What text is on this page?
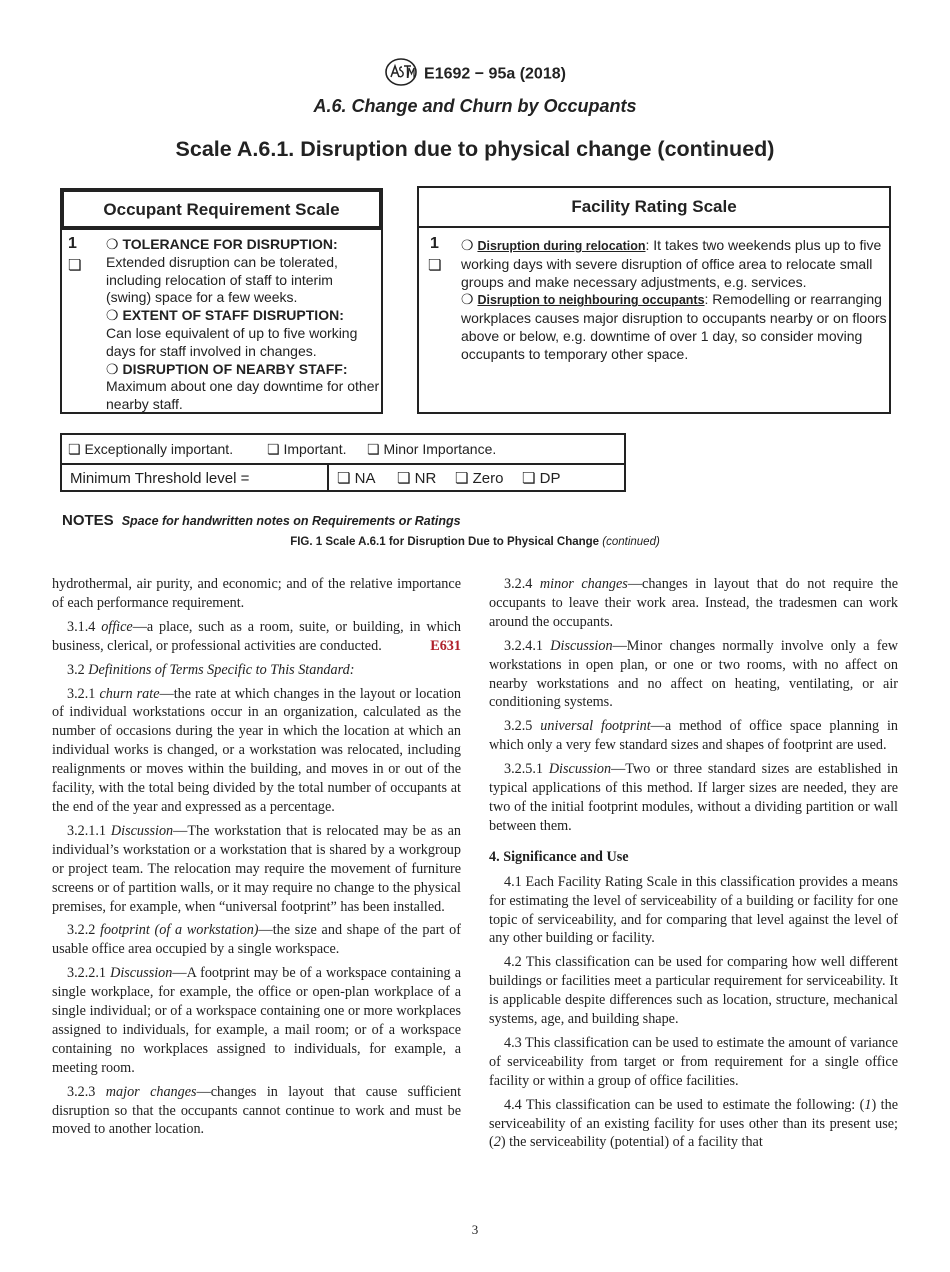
E1692 − 95a (2018)
A.6. Change and Churn by Occupants
Scale A.6.1. Disruption due to physical change (continued)
Occupant Requirement Scale
1
❏
❍ TOLERANCE FOR DISRUPTION:
Extended disruption can be tolerated, including relocation of staff to interim (swing) space for a few weeks.
❍ EXTENT OF STAFF DISRUPTION:
Can lose equivalent of up to five working days for staff involved in changes.
❍ DISRUPTION OF NEARBY STAFF:
Maximum about one day downtime for other nearby staff.
Facility Rating Scale
1
❏
❍ Disruption during relocation: It takes two weekends plus up to five working days with severe disruption of office area to relocate small groups and make necessary adjustments, e.g. services.
❍ Disruption to neighbouring occupants: Remodelling or rearranging workplaces causes major disruption to occupants nearby or on floors above or below, e.g. downtime of over 1 day, so consider moving occupants to temporary other space.
❏ Exceptionally important. ❏ Important. ❏ Minor Importance.
Minimum Threshold level =	❏ NA ❏ NR ❏ Zero ❏ DP
NOTES Space for handwritten notes on Requirements or Ratings
FIG. 1 Scale A.6.1 for Disruption Due to Physical Change (continued)

hydrothermal, air purity, and economic; and of the relative importance of each performance requirement.

3.1.4 office—a place, such as a room, suite, or building, in which business, clerical, or professional activities are conducted.	E631

3.2 Definitions of Terms Specific to This Standard:

3.2.1 churn rate—the rate at which changes in the layout or location of individual workstations occur in an organization, calculated as the number of occasions during the year in which the location at which an individual works is changed, or a workstation was relocated, including realignments or moves within the building, and moves in or out of the facility, with the total being divided by the total number of occupants at the end of the year and expressed as a percentage.

3.2.1.1 Discussion—The workstation that is relocated may be as an individual’s workstation or a workstation that is shared by a workgroup or project team. The relocation may require the movement of furniture screens or of partition walls, or it may require no change to the physical premises, for example, when “universal footprint” has been installed.

3.2.2 footprint (of a workstation)—the size and shape of the part of usable office area occupied by a single workspace.

3.2.2.1 Discussion—A footprint may be of a workspace containing a single workplace, for example, the office or open-plan workplace of a single individual; or of a workspace containing one or more workplaces assigned to individuals, for example, a mail room; or of a workspace containing no workplaces assigned to individuals, for example, a meeting room.

3.2.3 major changes—changes in layout that cause sufficient disruption so that the occupants cannot continue to work and must be moved to another location.

3.2.4 minor changes—changes in layout that do not require the occupants to leave their work area. Instead, the tradesmen can work around the occupants.

3.2.4.1 Discussion—Minor changes normally involve only a few workstations in open plan, or one or two rooms, with no affect on nearby workstations and no affect on heating, ventilating, or air conditioning systems.

3.2.5 universal footprint—a method of office space planning in which only a very few standard sizes and shapes of footprint are used.

3.2.5.1 Discussion—Two or three standard sizes are established in typical applications of this method. If larger sizes are needed, they are two of the initial footprint modules, without a dividing partition or wall between them.

4. Significance and Use

4.1 Each Facility Rating Scale in this classification provides a means for estimating the level of serviceability of a building or facility for one topic of serviceability, and for comparing that level against the level of any other building or facility.

4.2 This classification can be used for comparing how well different buildings or facilities meet a particular requirement for serviceability. It is applicable despite differences such as location, structure, mechanical systems, age, and building shape.

4.3 This classification can be used to estimate the amount of variance of serviceability from target or from requirement for a single office facility or within a group of office facilities.

4.4 This classification can be used to estimate the following: (1) the serviceability of an existing facility for uses other than its present use; (2) the serviceability (potential) of a facility that

3
